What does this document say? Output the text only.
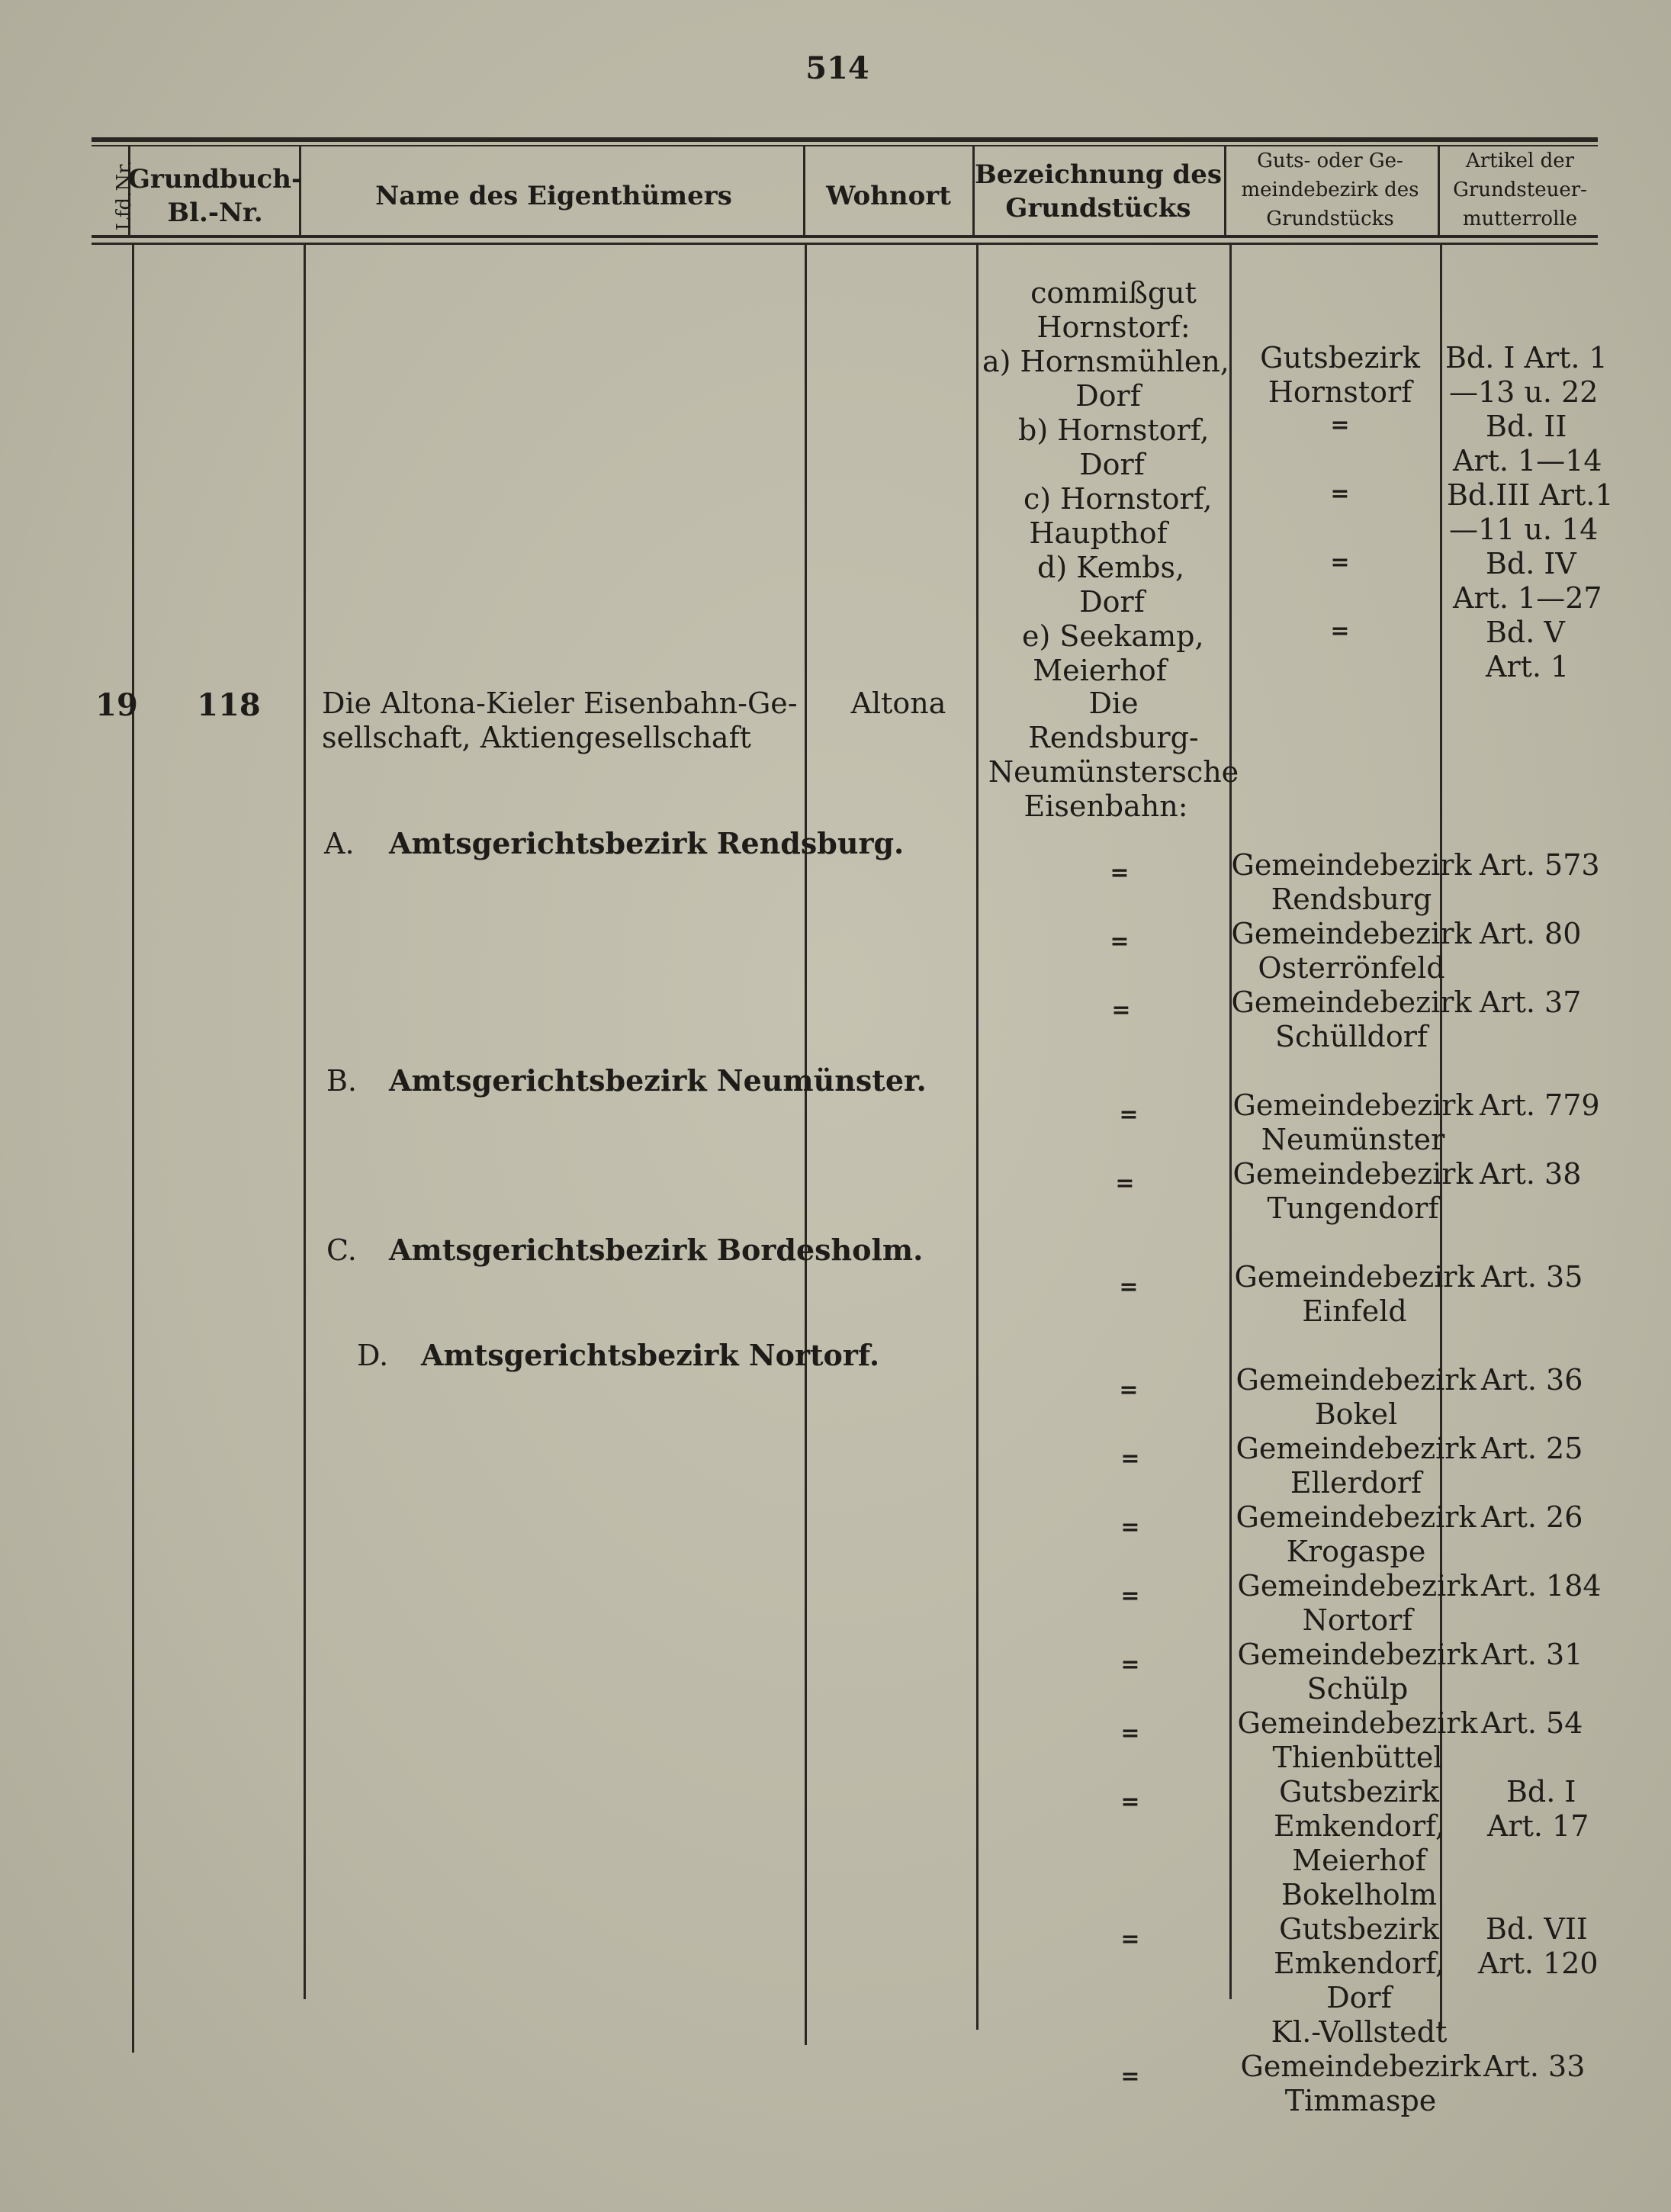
514
Lfd.Nr.
Grundbuch-
Bl.-Nr.
Name des Eigenthümers	Wohnort
Bezeichnung des
Grundstücks
Guts- oder Ge-
meindebezirk des
Grundstücks
Artikel der
Grundsteuer-
mutterrolle
commißgut
Hornstorf:
a) Hornsmühlen,
Dorf
b) Hornstorf,
Dorf
c) Hornstorf,
Haupthof
d) Kembs,
Dorf
e) Seekamp,
Meierhof
Gutsbezirk
Hornstorf
=
=
=
=
Bd. I Art. 1
—13 u. 22
Bd. II
Art. 1—14
Bd.III Art.1
—11 u. 14
Bd. IV
Art. 1—27
Bd. V
Art. 1
19 118 Die Altona-Kieler Eisenbahn-Ge-
sellschaft, Aktiengesellschaft
Altona	Die
Rendsburg-
Neumünstersche
Eisenbahn:
A. Amtsgerichtsbezirk Rendsburg.
B. Amtsgerichtsbezirk Neumünster.
C. Amtsgerichtsbezirk Bordesholm.
D. Amtsgerichtsbezirk Nortorf.
=
=
=
=
=
=
=
=
=
=
=
=
=
=
=
Gemeindebezirk
Rendsburg
Gemeindebezirk
Osterrönfeld
Gemeindebezirk
Schülldorf
Gemeindebezirk
Neumünster
Gemeindebezirk
Tungendorf
Gemeindebezirk
Einfeld
Gemeindebezirk
Bokel
Gemeindebezirk
Ellerdorf
Gemeindebezirk
Krogaspe
Gemeindebezirk
Nortorf
Gemeindebezirk
Schülp
Gemeindebezirk
Thienbüttel
Gutsbezirk
Emkendorf,
Meierhof
Bokelholm
Gutsbezirk
Emkendorf,
Dorf
Kl.-Vollstedt
Gemeindebezirk
Timmaspe
Art. 573
Art. 80
Art. 37
Art. 779
Art. 38
Art. 35
Art. 36
Art. 25
Art. 26
Art. 184
Art. 31
Art. 54
Bd. I
Art. 17
Bd. VII
Art. 120
Art. 33
